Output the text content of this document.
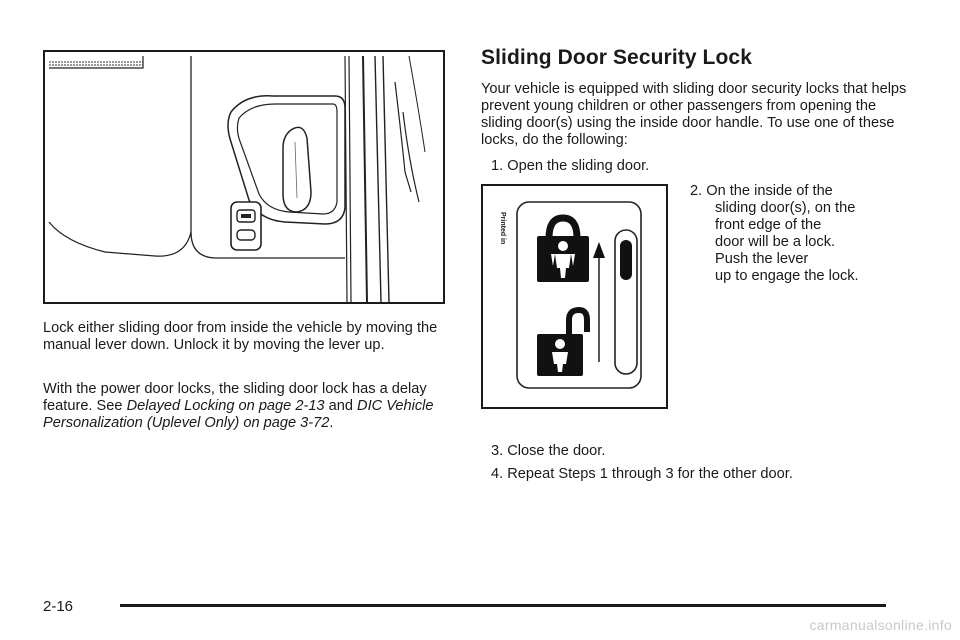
Printed in

Lock either sliding door from inside the vehicle by moving the manual lever down. Unlock it by moving the lever up.

With the power door locks, the sliding door lock has a delay feature. See Delayed Locking on page 2-13 and DIC Vehicle Personalization (Uplevel Only) on page 3-72.

Sliding Door Security Lock

Your vehicle is equipped with sliding door security locks that helps prevent young children or other passengers from opening the sliding door(s) using the inside door handle. To use one of these locks, do the following:

1. Open the sliding door.
2. On the inside of the
sliding door(s), on the
front edge of the
door will be a lock.
Push the lever
up to engage the lock.
3. Close the door.
4. Repeat Steps 1 through 3 for the other door.
2-16
carmanualsonline.info
